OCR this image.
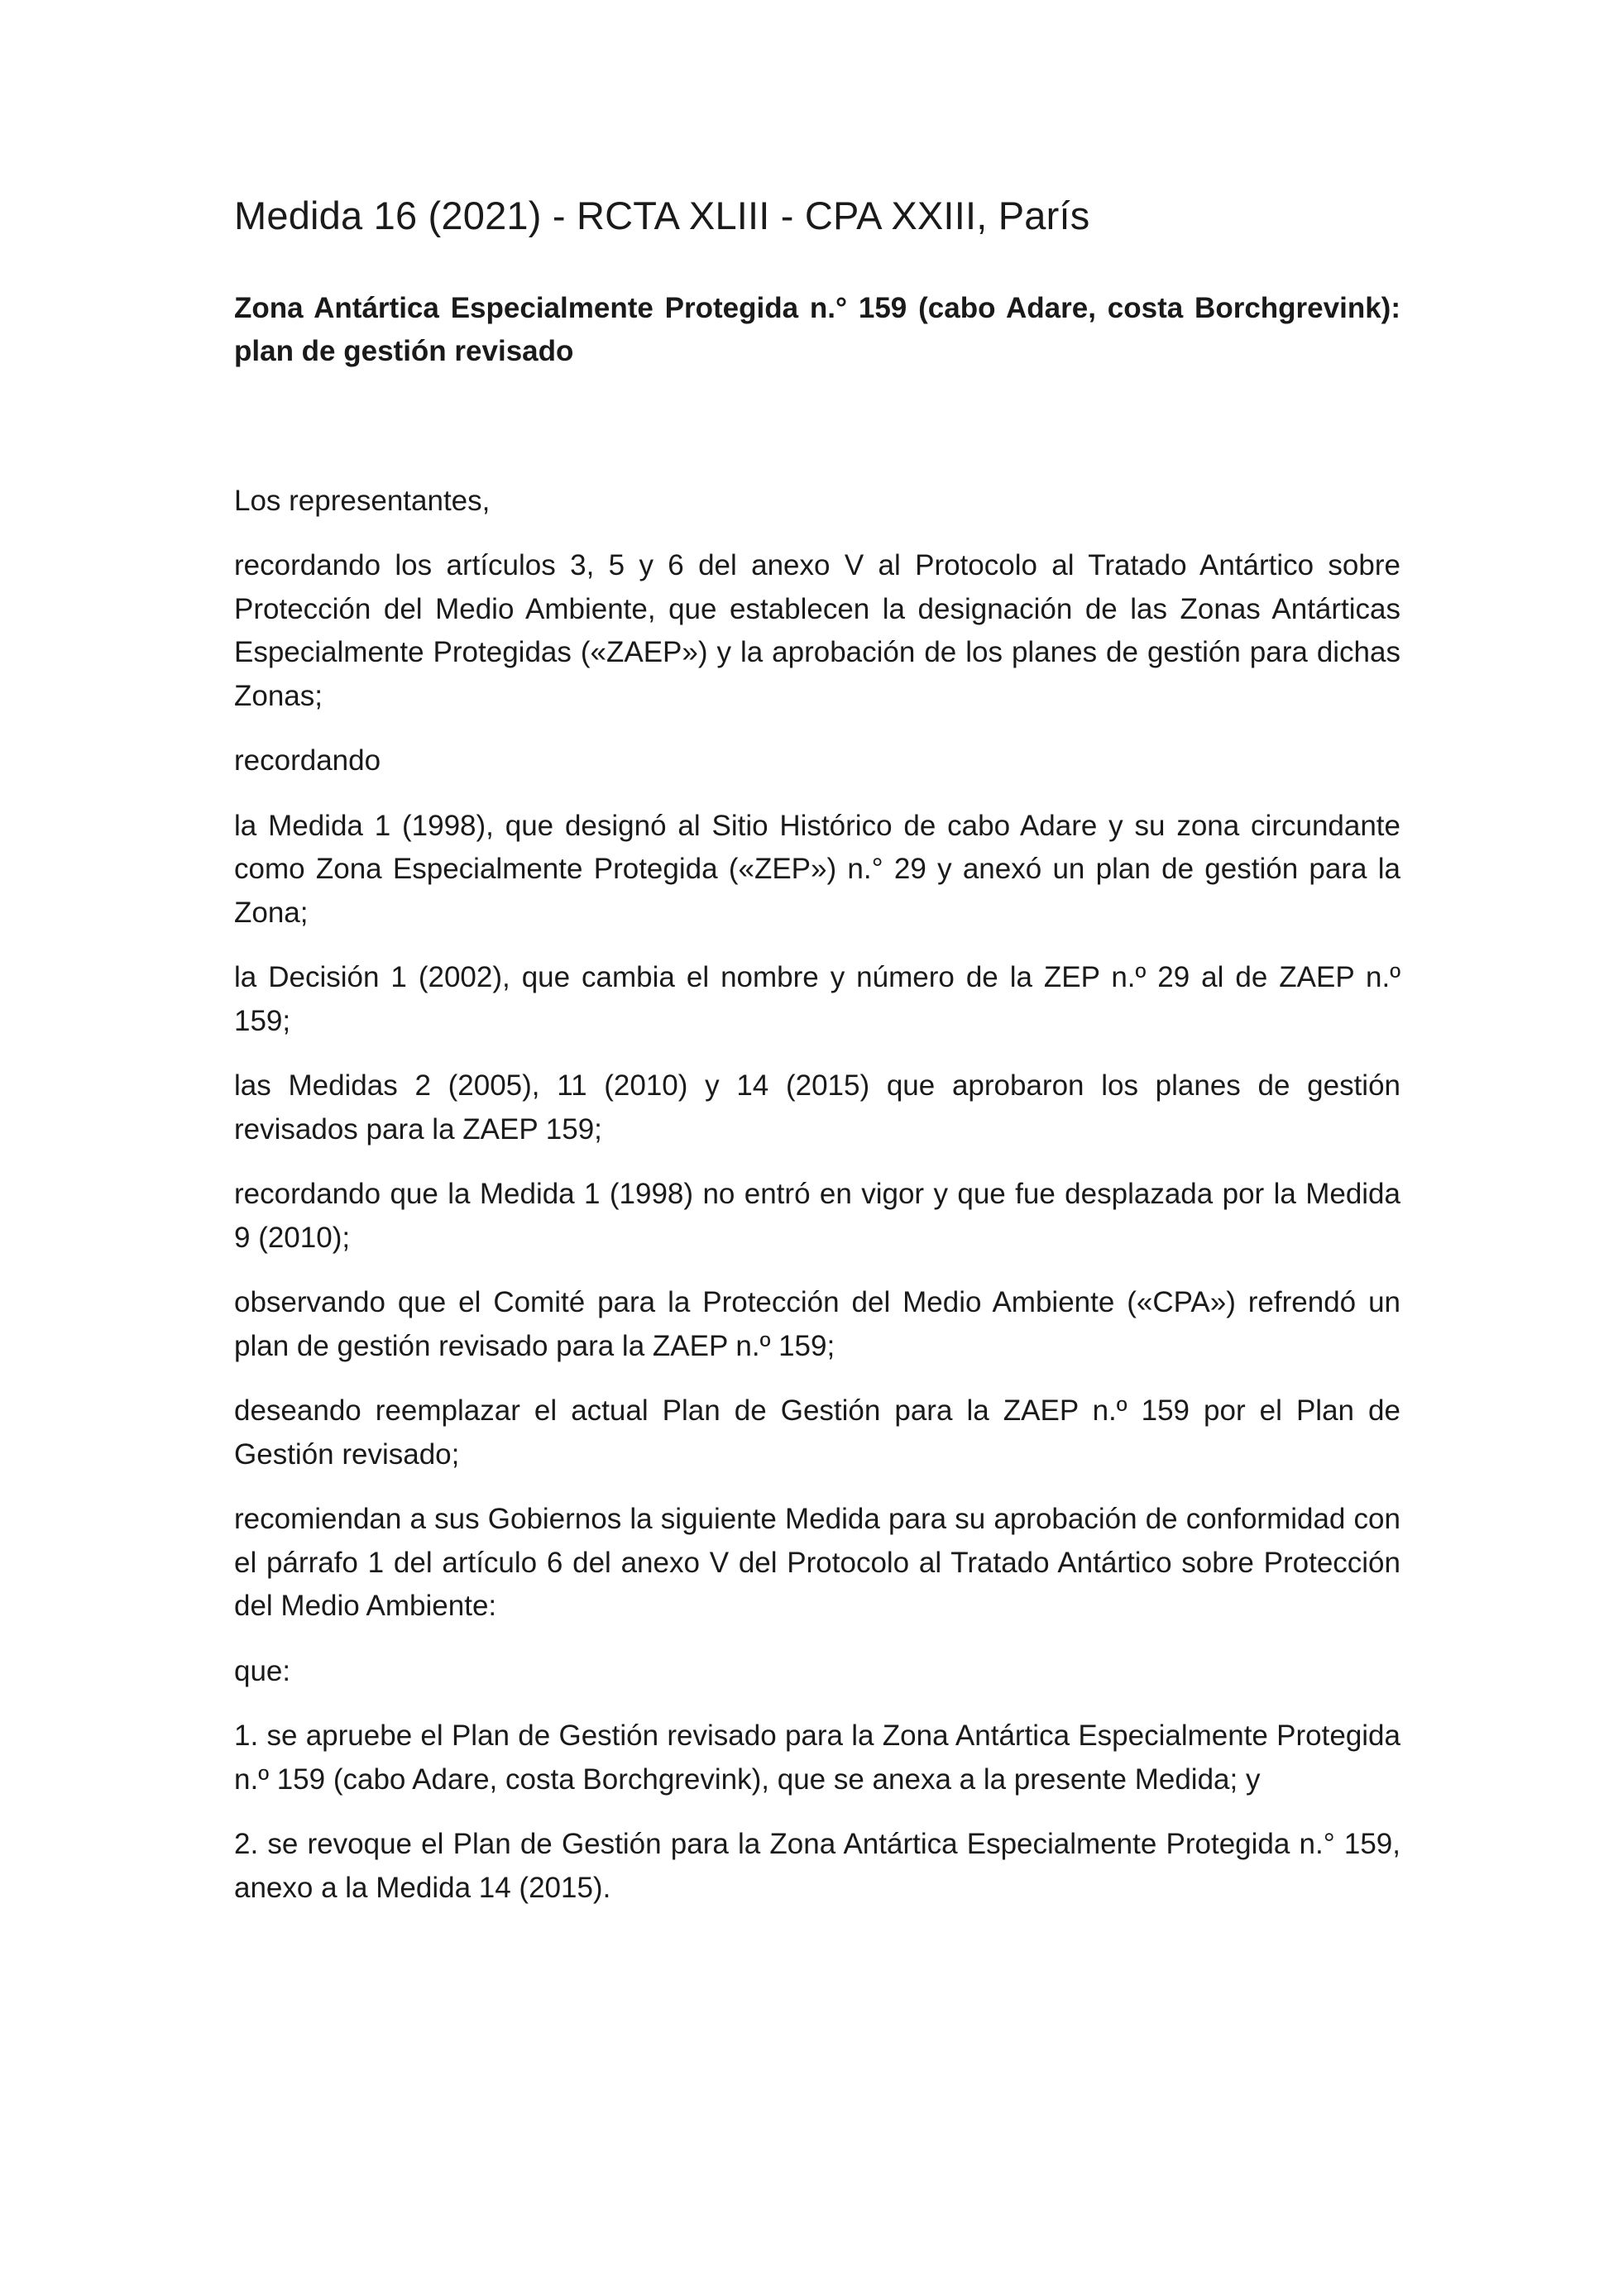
Medida 16 (2021) - RCTA XLIII - CPA XXIII, París

Zona Antártica Especialmente Protegida n.° 159 (cabo Adare, costa Borchgrevink): plan de gestión revisado

Los representantes,

recordando los artículos 3, 5 y 6 del anexo V al Protocolo al Tratado Antártico sobre Protección del Medio Ambiente, que establecen la designación de las Zonas Antárticas Especialmente Protegidas («ZAEP») y la aprobación de los planes de gestión para dichas Zonas;

recordando

la Medida 1 (1998), que designó al Sitio Histórico de cabo Adare y su zona circundante como Zona Especialmente Protegida («ZEP») n.° 29 y anexó un plan de gestión para la Zona;

la Decisión 1 (2002), que cambia el nombre y número de la ZEP n.º 29 al de ZAEP n.º 159;

las Medidas 2 (2005), 11 (2010) y 14 (2015) que aprobaron los planes de gestión revisados para la ZAEP 159;

recordando que la Medida 1 (1998) no entró en vigor y que fue desplazada por la Medida 9 (2010);

observando que el Comité para la Protección del Medio Ambiente («CPA») refrendó un plan de gestión revisado para la ZAEP n.º 159;

deseando reemplazar el actual Plan de Gestión para la ZAEP n.º 159 por el Plan de Gestión revisado;

recomiendan a sus Gobiernos la siguiente Medida para su aprobación de conformidad con el párrafo 1 del artículo 6 del anexo V del Protocolo al Tratado Antártico sobre Protección del Medio Ambiente:

que:

1. se apruebe el Plan de Gestión revisado para la Zona Antártica Especialmente Protegida n.º 159 (cabo Adare, costa Borchgrevink), que se anexa a la presente Medida; y

2. se revoque el Plan de Gestión para la Zona Antártica Especialmente Protegida n.° 159, anexo a la Medida 14 (2015).
